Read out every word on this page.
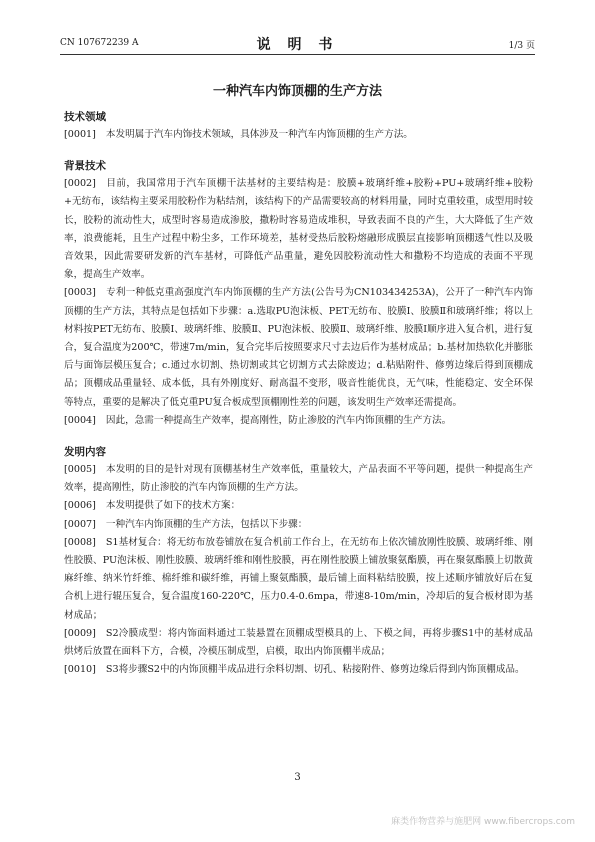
CN 107672239 A	说 明 书	1/3 页
一种汽车内饰顶棚的生产方法
技术领域
[0001] 本发明属于汽车内饰技术领域，具体涉及一种汽车内饰顶棚的生产方法。
背景技术
[0002] 目前，我国常用于汽车顶棚干法基材的主要结构是：胶膜+玻璃纤维+胶粉+PU+玻璃纤维+胶粉+无纺布，该结构主要采用胶粉作为粘结剂，该结构下的产品需要较高的材料用量，同时克重较重，成型用时较长，胶粉的流动性大，成型时容易造成渗胶，撒粉时容易造成堆积，导致表面不良的产生，大大降低了生产效率，浪费能耗，且生产过程中粉尘多，工作环境差，基材受热后胶粉熔融形成膜层直接影响顶棚透气性以及吸音效果，因此需要研发新的汽车基材，可降低产品重量，避免因胶粉流动性大和撒粉不均造成的表面不平现象，提高生产效率。
[0003] 专利一种低克重高强度汽车内饰顶棚的生产方法(公告号为CN103434253A)，公开了一种汽车内饰顶棚的生产方法，其特点是包括如下步骤：a.选取PU泡沫板、PET无纺布、胶膜Ⅰ、胶膜Ⅱ和玻璃纤维；将以上材料按PET无纺布、胶膜Ⅰ、玻璃纤维、胶膜Ⅱ、PU泡沫板、胶膜Ⅱ、玻璃纤维、胶膜Ⅰ顺序进入复合机，进行复合，复合温度为200℃，带速7m/min，复合完毕后按照要求尺寸去边后作为基材成品；b.基材加热软化并膨胀后与面饰层模压复合；c.通过水切割、热切割或其它切割方式去除废边；d.粘贴附件、修剪边缘后得到顶棚成品；顶棚成品重量轻、成本低，具有外刚度好、耐高温不变形，吸音性能优良，无气味，性能稳定、安全环保等特点，重要的是解决了低克重PU复合板成型顶棚刚性差的问题，该发明生产效率还需提高。
[0004] 因此，急需一种提高生产效率，提高刚性，防止渗胶的汽车内饰顶棚的生产方法。
发明内容
[0005] 本发明的目的是针对现有顶棚基材生产效率低，重量较大，产品表面不平等问题，提供一种提高生产效率，提高刚性，防止渗胶的汽车内饰顶棚的生产方法。
[0006] 本发明提供了如下的技术方案：
[0007] 一种汽车内饰顶棚的生产方法，包括以下步骤：
[0008] S1基材复合：将无纺布放卷铺放在复合机前工作台上，在无纺布上依次铺放刚性胶膜、玻璃纤维、刚性胶膜、PU泡沫板、刚性胶膜、玻璃纤维和刚性胶膜，再在刚性胶膜上铺放聚氨酯膜，再在聚氨酯膜上切散黄麻纤维、纳米竹纤维、棉纤维和碳纤维，再铺上聚氨酯膜，最后铺上面料粘结胶膜，按上述顺序铺放好后在复合机上进行辊压复合，复合温度160-220℃，压力0.4-0.6mpa，带速8-10m/min，冷却后的复合板材即为基材成品；
[0009] S2冷膜成型：将内饰面料通过工装悬置在顶棚成型模具的上、下模之间，再将步骤S1中的基材成品烘烤后放置在面料下方，合模，冷模压制成型，启模，取出内饰顶棚半成品；
[0010] S3将步骤S2中的内饰顶棚半成品进行余料切割、切孔、粘接附件、修剪边缘后得到内饰顶棚成品。
3
麻类作物营养与施肥网 www.fibercrops.com
